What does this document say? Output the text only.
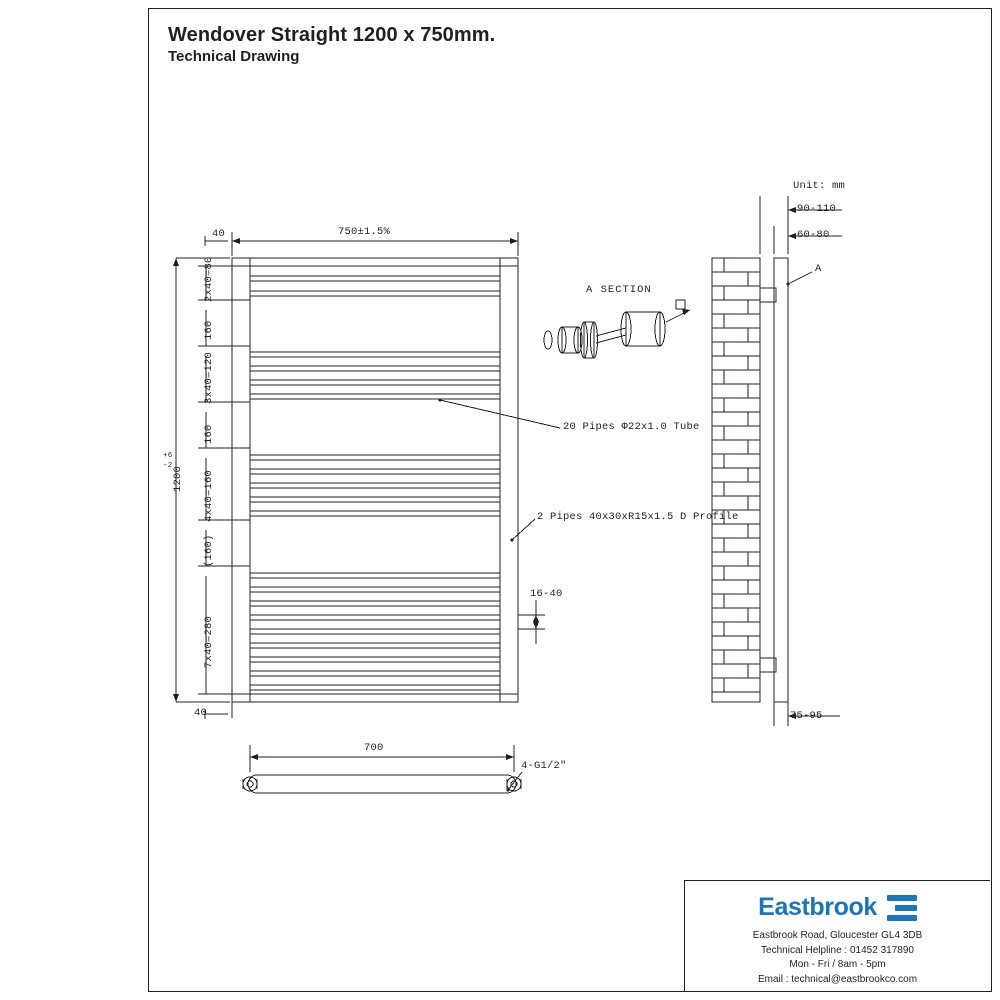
Wendover Straight 1200 x 750mm.

Technical Drawing

40	750±1.5%
40
1200
+6
-2
2x40=80
160
3x40=120
160
4x40=160
(160)
7x40=280
16-40
20 Pipes Φ22x1.0 Tube
2 Pipes 40x30xR15x1.5 D Profile
A SECTION
Unit: mm
90-110
60-80
A
75-95
700
4-G1/2"
Eastbrook
Eastbrook Road, Gloucester GL4 3DB
Technical Helpline : 01452 317890
Mon - Fri / 8am - 5pm
Email : technical@eastbrookco.com
